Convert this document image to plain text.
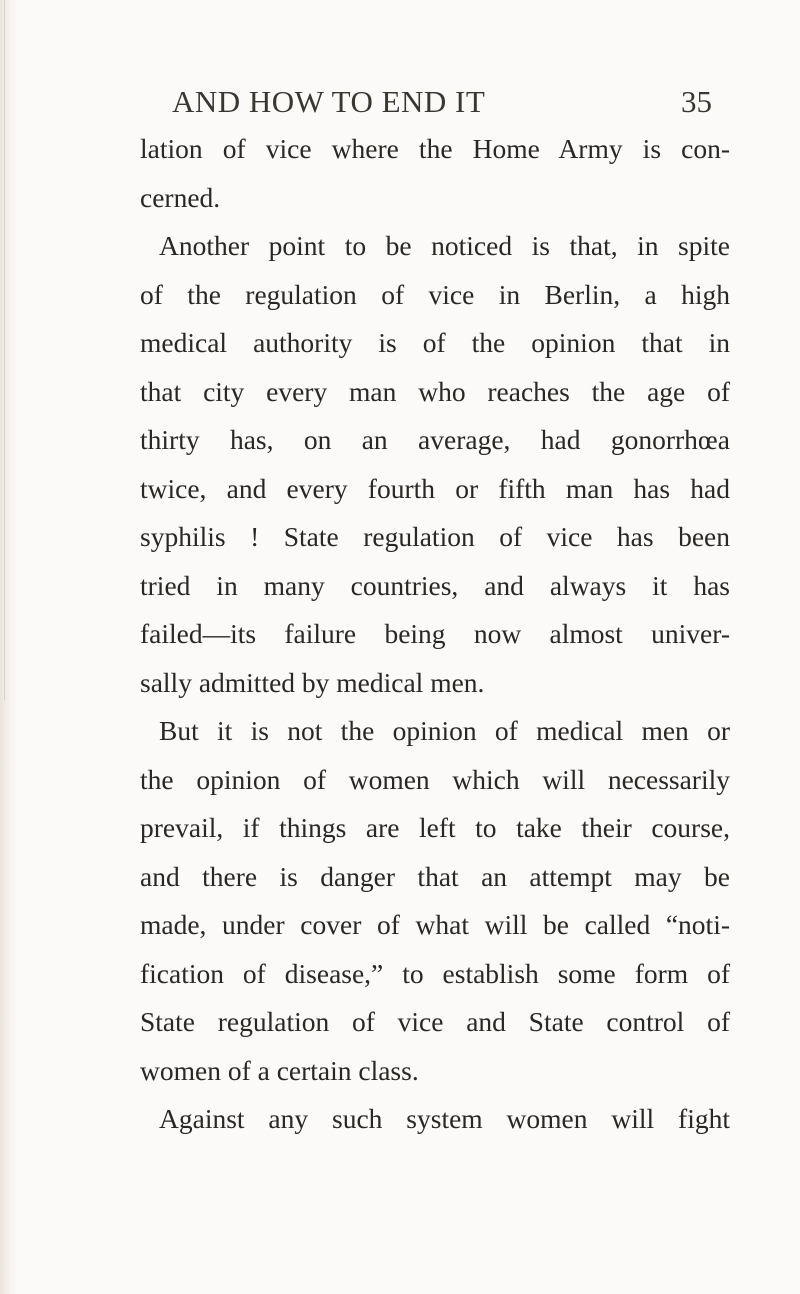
AND HOW TO END IT	35
lation of vice where the Home Army is con-
cerned.
Another point to be noticed is that, in spite
of the regulation of vice in Berlin, a high
medical authority is of the opinion that in
that city every man who reaches the age of
thirty has, on an average, had gonorrhœa
twice, and every fourth or fifth man has had
syphilis ! State regulation of vice has been
tried in many countries, and always it has
failed—its failure being now almost univer-
sally admitted by medical men.
But it is not the opinion of medical men or
the opinion of women which will necessarily
prevail, if things are left to take their course,
and there is danger that an attempt may be
made, under cover of what will be called “noti-
fication of disease,” to establish some form of
State regulation of vice and State control of
women of a certain class.
Against any such system women will fight
